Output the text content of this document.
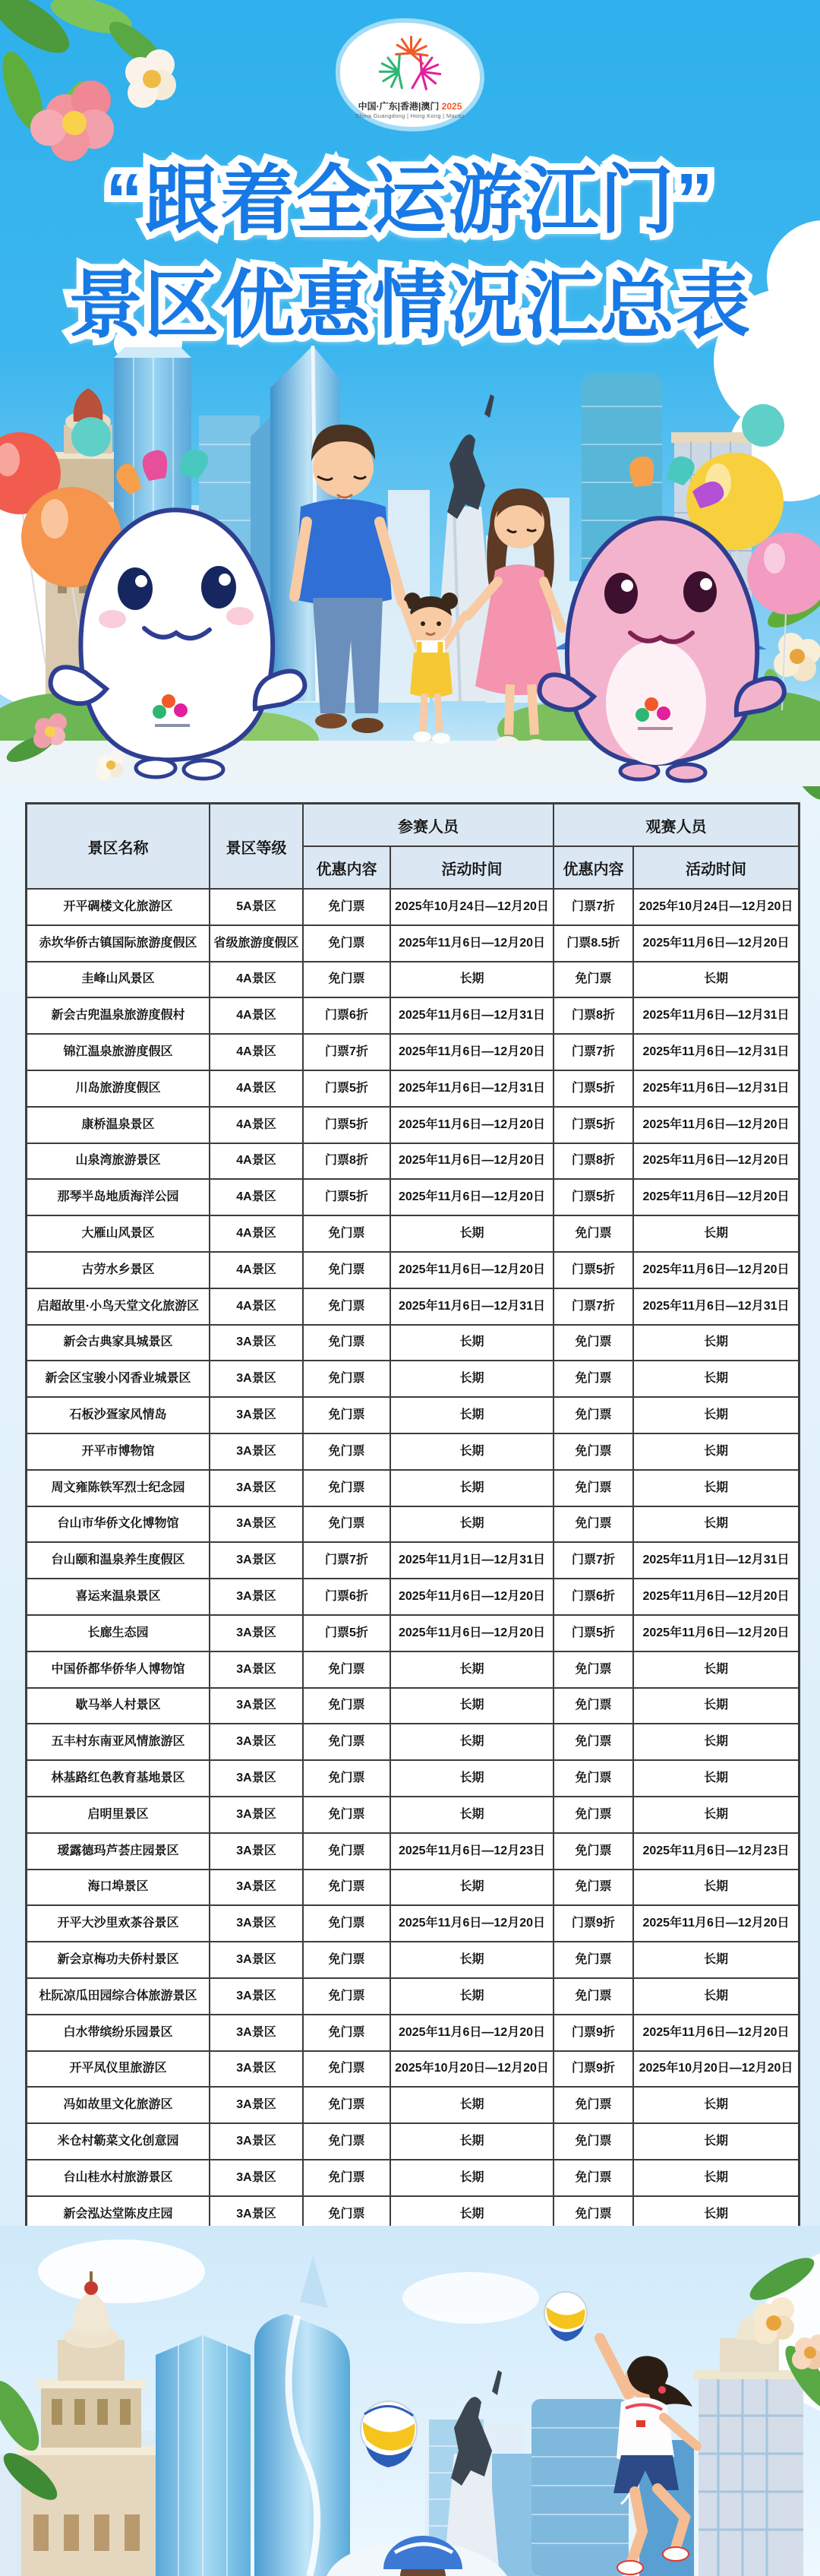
中国·广东|香港|澳门 2025
China Guangdong | Hong Kong | Macao
“跟着全运游江门” “跟着全运游江门”
景区优惠情况汇总表 景区优惠情况汇总表
景区名称	景区等级	参赛人员		观赛人员	
		优惠内容	活动时间	优惠内容	活动时间
开平碉楼文化旅游区	5A景区	免门票	2025年10月24日—12月20日	门票7折	2025年10月24日—12月20日
赤坎华侨古镇国际旅游度假区	省级旅游度假区	免门票	2025年11月6日—12月20日	门票8.5折	2025年11月6日—12月20日
圭峰山风景区	4A景区	免门票	长期	免门票	长期
新会古兜温泉旅游度假村	4A景区	门票6折	2025年11月6日—12月31日	门票8折	2025年11月6日—12月31日
锦江温泉旅游度假区	4A景区	门票7折	2025年11月6日—12月20日	门票7折	2025年11月6日—12月31日
川岛旅游度假区	4A景区	门票5折	2025年11月6日—12月31日	门票5折	2025年11月6日—12月31日
康桥温泉景区	4A景区	门票5折	2025年11月6日—12月20日	门票5折	2025年11月6日—12月20日
山泉湾旅游景区	4A景区	门票8折	2025年11月6日—12月20日	门票8折	2025年11月6日—12月20日
那琴半岛地质海洋公园	4A景区	门票5折	2025年11月6日—12月20日	门票5折	2025年11月6日—12月20日
大雁山风景区	4A景区	免门票	长期	免门票	长期
古劳水乡景区	4A景区	免门票	2025年11月6日—12月20日	门票5折	2025年11月6日—12月20日
启超故里·小鸟天堂文化旅游区	4A景区	免门票	2025年11月6日—12月31日	门票7折	2025年11月6日—12月31日
新会古典家具城景区	3A景区	免门票	长期	免门票	长期
新会区宝骏小冈香业城景区	3A景区	免门票	长期	免门票	长期
石板沙疍家风情岛	3A景区	免门票	长期	免门票	长期
开平市博物馆	3A景区	免门票	长期	免门票	长期
周文雍陈铁军烈士纪念园	3A景区	免门票	长期	免门票	长期
台山市华侨文化博物馆	3A景区	免门票	长期	免门票	长期
台山颐和温泉养生度假区	3A景区	门票7折	2025年11月1日—12月31日	门票7折	2025年11月1日—12月31日
喜运来温泉景区	3A景区	门票6折	2025年11月6日—12月20日	门票6折	2025年11月6日—12月20日
长廊生态园	3A景区	门票5折	2025年11月6日—12月20日	门票5折	2025年11月6日—12月20日
中国侨都华侨华人博物馆	3A景区	免门票	长期	免门票	长期
歇马举人村景区	3A景区	免门票	长期	免门票	长期
五丰村东南亚风情旅游区	3A景区	免门票	长期	免门票	长期
林基路红色教育基地景区	3A景区	免门票	长期	免门票	长期
启明里景区	3A景区	免门票	长期	免门票	长期
瑷露德玛芦荟庄园景区	3A景区	免门票	2025年11月6日—12月23日	免门票	2025年11月6日—12月23日
海口埠景区	3A景区	免门票	长期	免门票	长期
开平大沙里欢茶谷景区	3A景区	免门票	2025年11月6日—12月20日	门票9折	2025年11月6日—12月20日
新会京梅功夫侨村景区	3A景区	免门票	长期	免门票	长期
杜阮凉瓜田园综合体旅游景区	3A景区	免门票	长期	免门票	长期
白水带缤纷乐园景区	3A景区	免门票	2025年11月6日—12月20日	门票9折	2025年11月6日—12月20日
开平凤仪里旅游区	3A景区	免门票	2025年10月20日—12月20日	门票9折	2025年10月20日—12月20日
冯如故里文化旅游区	3A景区	免门票	长期	免门票	长期
米仓村簕菜文化创意园	3A景区	免门票	长期	免门票	长期
台山桂水村旅游景区	3A景区	免门票	长期	免门票	长期
新会泓达堂陈皮庄园	3A景区	免门票	长期	免门票	长期
